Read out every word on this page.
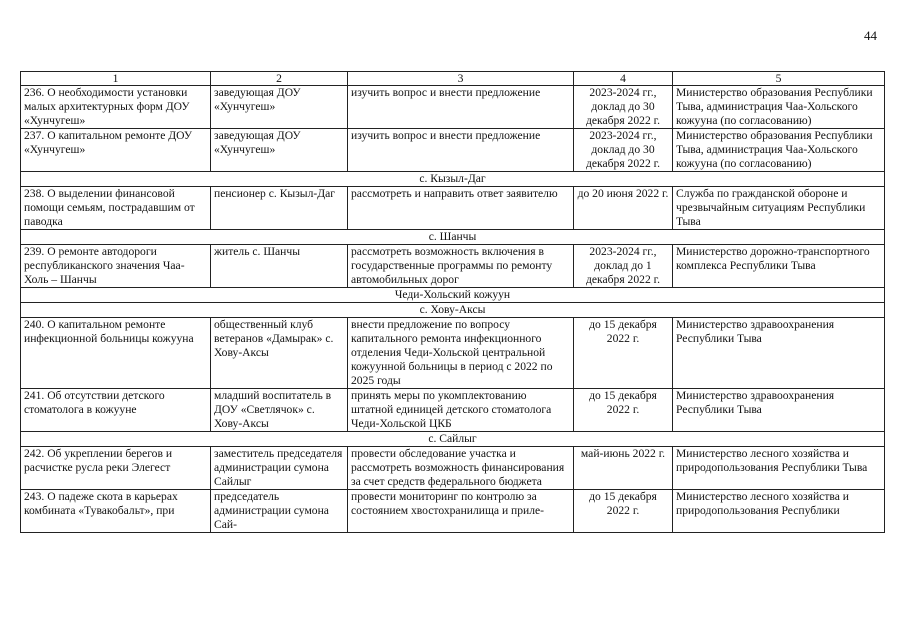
44
1	2	3	4	5
236. О необходимости установки малых архитектурных форм ДОУ «Хунчугеш»	заведующая ДОУ «Хунчугеш»	изучить вопрос и внести предложение	2023-2024 гг., доклад до 30 декабря 2022 г.	Министерство образования Республики Тыва, администрация Чаа-Хольского кожууна (по согласованию)
237. О капитальном ремонте ДОУ «Хунчугеш»	заведующая ДОУ «Хунчугеш»	изучить вопрос и внести предложение	2023-2024 гг., доклад до 30 декабря 2022 г.	Министерство образования Республики Тыва, администрация Чаа-Хольского кожууна (по согласованию)
с. Кызыл-Даг				
238. О выделении финансовой помощи семьям, пострадавшим от паводка	пенсионер с. Кызыл-Даг	рассмотреть и направить ответ заявителю	до 20 июня 2022 г.	Служба по гражданской обороне и чрезвычайным ситуациям Республики Тыва
с. Шанчы				
239. О ремонте автодороги республиканского значения Чаа-Холь – Шанчы	житель с. Шанчы	рассмотреть возможность включения в государственные программы по ремонту автомобильных дорог	2023-2024 гг., доклад до 1 декабря 2022 г.	Министерство дорожно-транспортного комплекса Республики Тыва
Чеди-Хольский кожуун				
с. Хову-Аксы				
240. О капитальном ремонте инфекционной больницы кожууна	общественный клуб ветеранов «Дамырак» с. Хову-Аксы	внести предложение по вопросу капитального ремонта инфекционного отделения Чеди-Хольской центральной кожуунной больницы в период с 2022 по 2025 годы	до 15 декабря 2022 г.	Министерство здравоохранения Республики Тыва
241. Об отсутствии детского стоматолога в кожууне	младший воспитатель в ДОУ «Светлячок» с. Хову-Аксы	принять меры по укомплектованию штатной единицей детского стоматолога Чеди-Хольской ЦКБ	до 15 декабря 2022 г.	Министерство здравоохранения Республики Тыва
с. Сайлыг				
242. Об укреплении берегов и расчистке русла реки Элегест	заместитель председателя администрации сумона Сайлыг	провести обследование участка и рассмотреть возможность финансирования за счет средств федерального бюджета	май-июнь 2022 г.	Министерство лесного хозяйства и природопользования Республики Тыва
243. О падеже скота в карьерах комбината «Тувакобальт», при	председатель администрации сумона Сай-	провести мониторинг по контролю за состоянием хвостохранилища и приле-	до 15 декабря 2022 г.	Министерство лесного хозяйства и природопользования Республики
